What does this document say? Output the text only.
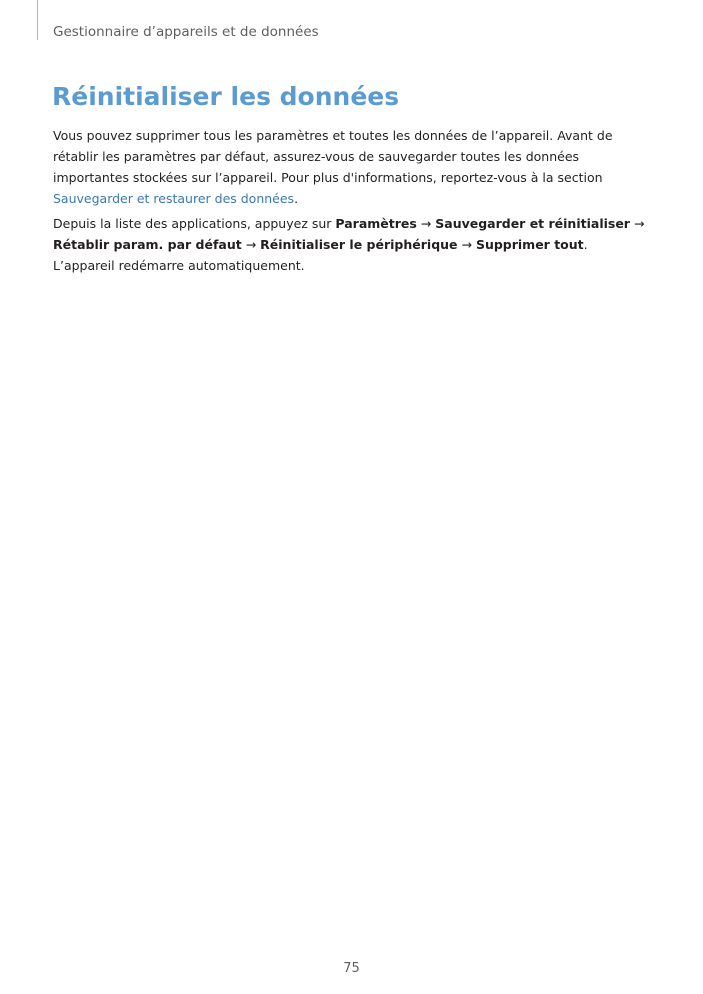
Gestionnaire d’appareils et de données
Réinitialiser les données

Vous pouvez supprimer tous les paramètres et toutes les données de l’appareil. Avant de rétablir les paramètres par défaut, assurez-vous de sauvegarder toutes les données importantes stockées sur l’appareil. Pour plus d'informations, reportez-vous à la section Sauvegarder et restaurer des données.

Depuis la liste des applications, appuyez sur Paramètres → Sauvegarder et réinitialiser → Rétablir param. par défaut → Réinitialiser le périphérique → Supprimer tout. L’appareil redémarre automatiquement.

75
